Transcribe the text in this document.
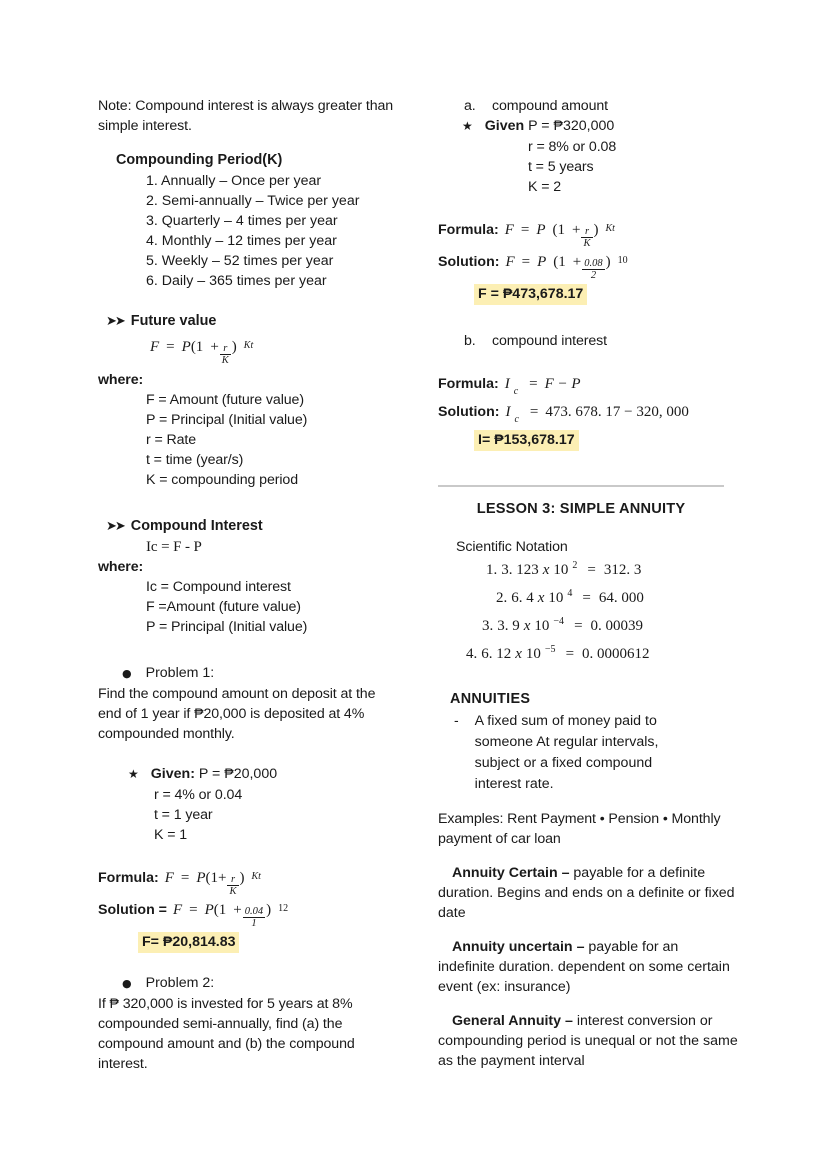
Note: Compound interest is always greater than simple interest.
Compounding Period(K)
1. Annually – Once per year
2. Semi-annually – Twice per year
3. Quarterly – 4 times per year
4. Monthly – 12 times per year
5. Weekly – 52 times per year
6. Daily – 365 times per year
➤➤ Future value
F = P ($1 + \frac{r}{K}$ ) Kt
where:
F = Amount (future value)
P = Principal (Initial value)
r = Rate
t = time (year/s)
K = compounding period
➤➤ Compound Interest
Ic = F - P
where:
Ic = Compound interest
F =Amount (future value)
P = Principal (Initial value)
● Problem 1:
Find the compound amount on deposit at the end of 1 year if ₱20,000 is deposited at 4% compounded monthly.
★ Given: P = ₱20,000
r = 4% or 0.04
t = 1 year
K = 1
Formula: F = P ($1+ \frac{r}{K}$ ) Kt
Solution = F = P ($1 + \frac{0.04}{1}$ ) 12
F= ₱20,814.83
● Problem 2:
If ₱ 320,000 is invested for 5 years at 8% compounded semi-annually, find (a) the compound amount and (b) the compound interest.
a. compound amount
★ Given P = ₱320,000
r = 8% or 0.08
t = 5 years
K = 2
Formula: F = P ($1 + \frac{r}{K}$ ) Kt
Solution: F = P ($1 + \frac{0.08}{2}$ ) 10
F = ₱473,678.17
b. compound interest
Formula: I c = F − P
Solution: I c = 473. 678. 17 − 320, 000
I= ₱153,678.17
LESSON 3: SIMPLE ANNUITY
Scientific Notation
1. 3. 123 x 10 2 = 312. 3
2. 6. 4 x 10 4 = 64. 000
3. 3. 9 x 10 −4 = 0. 00039
4. 6. 12 x 10 −5 = 0. 0000612
ANNUITIES
- A fixed sum of money paid to someone At regular intervals, subject or a fixed compound interest rate.
Examples: Rent Payment • Pension • Monthly payment of car loan
Annuity Certain – payable for a definite duration. Begins and ends on a definite or fixed date
Annuity uncertain – payable for an indefinite duration. dependent on some certain event (ex: insurance)
General Annuity – interest conversion or compounding period is unequal or not the same as the payment interval
